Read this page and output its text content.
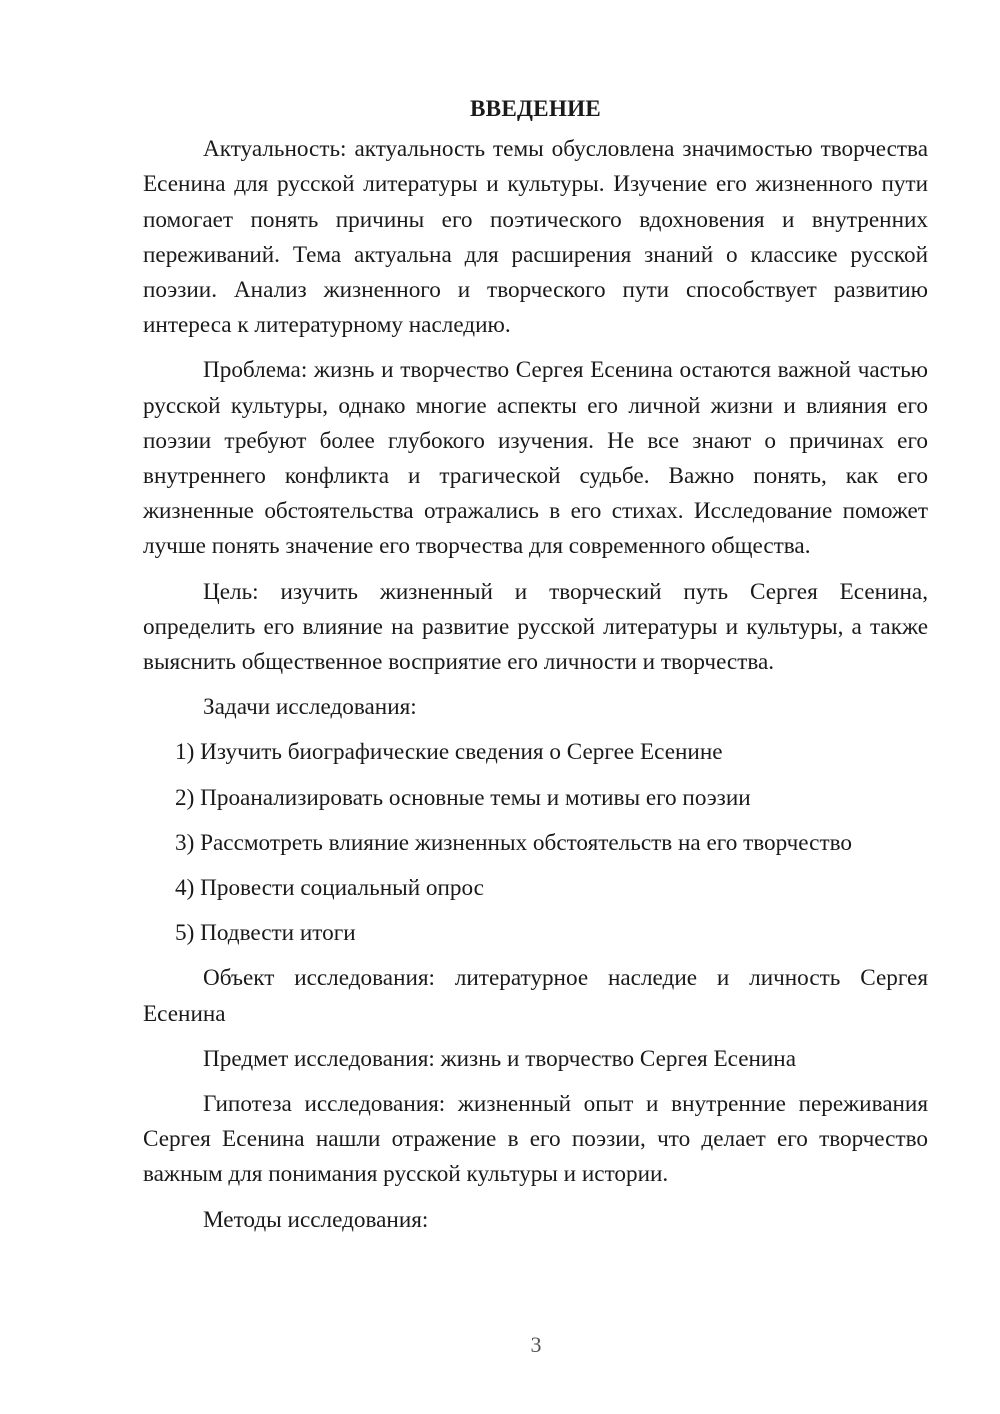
ВВЕДЕНИЕ

Актуальность: актуальность темы обусловлена значимостью творчества Есенина для русской литературы и культуры. Изучение его жизненного пути помогает понять причины его поэтического вдохновения и внутренних переживаний. Тема актуальна для расширения знаний о классике русской поэзии. Анализ жизненного и творческого пути способствует развитию интереса к литературному наследию.

Проблема: жизнь и творчество Сергея Есенина остаются важной частью русской культуры, однако многие аспекты его личной жизни и влияния его поэзии требуют более глубокого изучения. Не все знают о причинах его внутреннего конфликта и трагической судьбе. Важно понять, как его жизненные обстоятельства отражались в его стихах. Исследование поможет лучше понять значение его творчества для современного общества.

Цель: изучить жизненный и творческий путь Сергея Есенина, определить его влияние на развитие русской литературы и культуры, а также выяснить общественное восприятие его личности и творчества.

Задачи исследования:

1) Изучить биографические сведения о Сергее Есенине
2) Проанализировать основные темы и мотивы его поэзии
3) Рассмотреть влияние жизненных обстоятельств на его творчество
4) Провести социальный опрос
5) Подвести итоги

Объект исследования: литературное наследие и личность Сергея Есенина

Предмет исследования: жизнь и творчество Сергея Есенина

Гипотеза исследования: жизненный опыт и внутренние переживания Сергея Есенина нашли отражение в его поэзии, что делает его творчество важным для понимания русской культуры и истории.

Методы исследования:

3
